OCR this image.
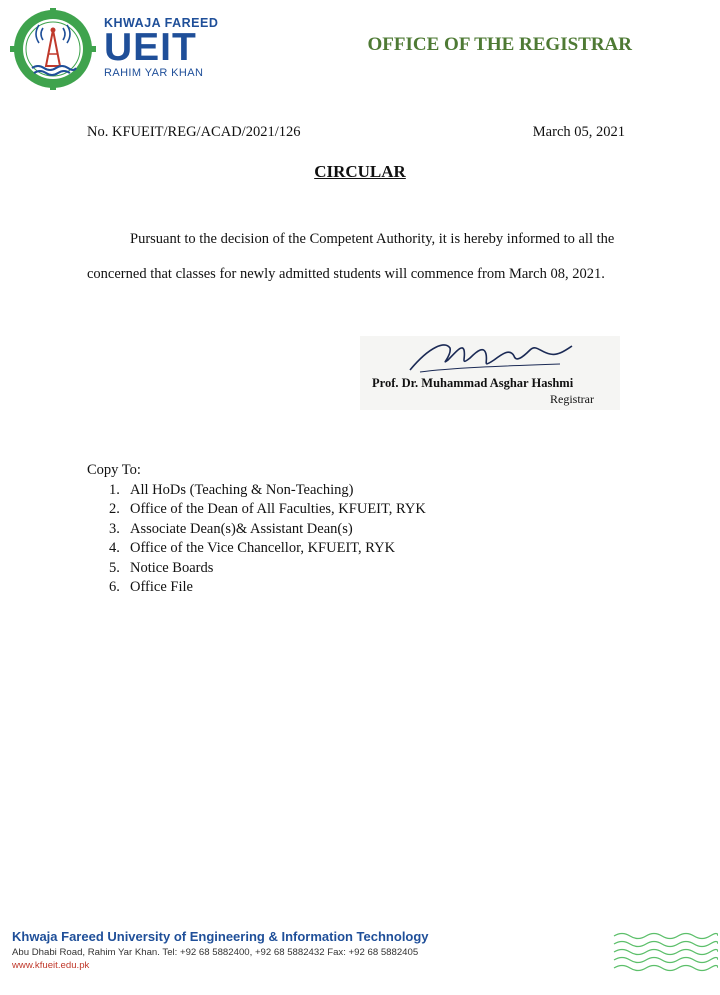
KHWAJA FAREED
UEIT
RAHIM YAR KHAN
OFFICE OF THE REGISTRAR
No. KFUEIT/REG/ACAD/2021/126	March 05, 2021
CIRCULAR
Pursuant to the decision of the Competent Authority, it is hereby informed to all the concerned that classes for newly admitted students will commence from March 08, 2021.
Prof. Dr. Muhammad Asghar Hashmi
Registrar
Copy To:
1. All HoDs (Teaching & Non-Teaching)
2. Office of the Dean of All Faculties, KFUEIT, RYK
3. Associate Dean(s)& Assistant Dean(s)
4. Office of the Vice Chancellor, KFUEIT, RYK
5. Notice Boards
6. Office File
Khwaja Fareed University of Engineering & Information Technology
Abu Dhabi Road, Rahim Yar Khan. Tel: +92 68 5882400, +92 68 5882432 Fax: +92 68 5882405
www.kfueit.edu.pk
